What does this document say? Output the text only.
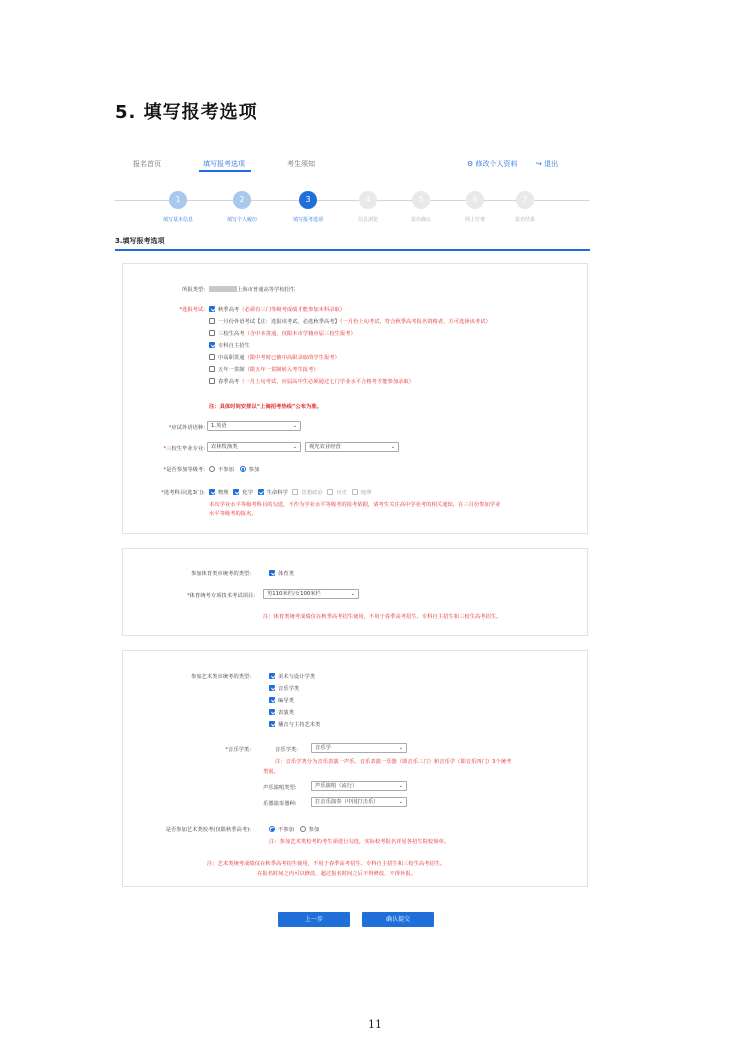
5. 填写报考选项
报名首页	填写报考选项	考生须知	⚙ 修改个人资料	↪ 退出
1
填写基本信息
2
填写个人履历
3
填写报考选项
4
信息浏览
5
报名确认
6
网上付费
7
报名结果
3.填写报考选项
所报类型:	上海市普通高等学校招生
*选报考试:	秋季高考（必须有三门等级考成绩才能参加本科录取）
一月份外语考试【注：选报该考试，必选秋季高考】（一月份上旬考试，符合秋季高考报名资格者，方可选择该考试）
三校生高考（含中本贯通，仅限本市学籍应届三校生报考）
专科自主招生
中高职贯通（限中考时已被中高职录取的学生报考）
五年一贯制（限五年一贯制转入考生报考）
春季高考（一月上旬考试，应届高中生必须通过七门学业水平合格考才能参加录取）
注：具体时间安排以“上海招考热线”公布为准。
*应试外语语种:	1.英语	⌄
*三校生毕业专业:	农林牧渔类	⌄	观光农业经营	⌄
*是否参加等级考:	不参加	参加
*选考科目(选3门):	物理	化学	生命科学	思想政治	历史	地理
本次学业水平等级考科目的勾选，不作为学业水平等级考的报考依据，请考生关注高中学业考的相关通知，在三月份参加学业
水平等级考的报名。
参加体育类市统考的类型:	体育类
*体育统考专项技术考试项目:	男110米栏/女100米栏	⌄
注：体育类统考成绩仅在秋季高考招生使用，不用于春季高考招生、专科自主招生和三校生高考招生。
参加艺术类市统考的类型:	美术与设计学类
音乐学类
编导类
表演类
播音与主持艺术类
*音乐学类:	音乐学类:	音乐学	⌄
注：音乐学类分为音乐表演一声乐、音乐表演一乐器（即音乐三门）和音乐学（即音乐四门）3个统考
类别。
声乐演唱类型:	声乐演唱（流行）	⌄
乐器演奏器种:	打击乐演奏（中国打击乐）	⌄
是否参加艺术类校考(仅限秋季高考):	不参加	参加
注：参加艺术类校考的考生须进行勾选，实际校考报名详见各招生院校简章。
注：艺术类统考成绩仅在秋季高考招生使用，不用于春季高考招生、专科自主招生和三校生高考招生。
在报名时间之内可以修改，超过报名时间之后不得修改、不得补报。
上一步	确认提交
11
